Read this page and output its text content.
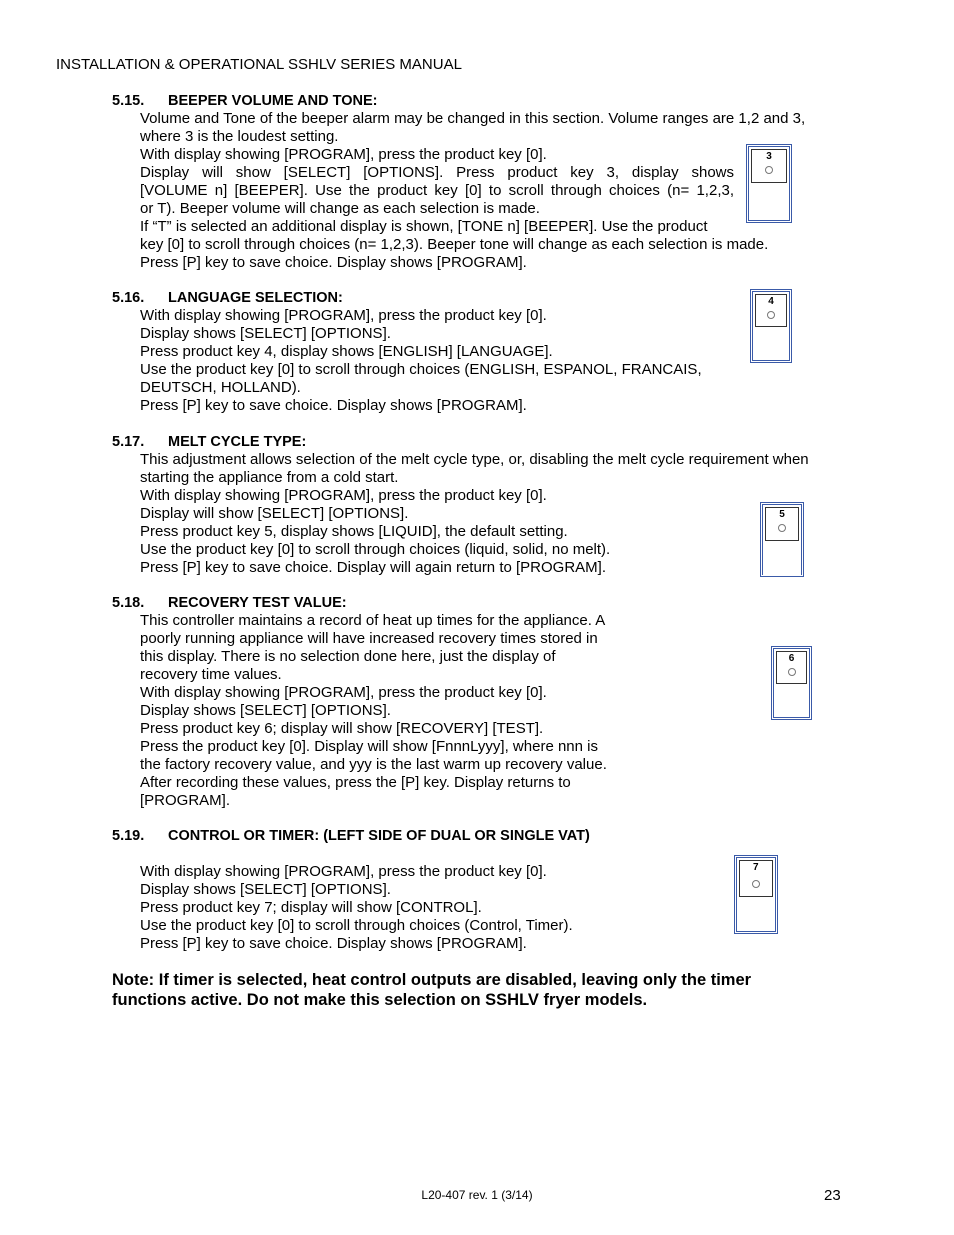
INSTALLATION & OPERATIONAL SSHLV SERIES MANUAL
5.15. BEEPER VOLUME AND TONE:
Volume and Tone of the beeper alarm may be changed in this section. Volume ranges are 1,2 and 3,
where 3 is the loudest setting.
With display showing [PROGRAM], press the product key [0].
Display will show [SELECT] [OPTIONS]. Press product key 3, display shows
[VOLUME n] [BEEPER]. Use the product key [0] to scroll through choices (n= 1,2,3,
or T). Beeper volume will change as each selection is made.
If “T” is selected an additional display is shown, [TONE n] [BEEPER]. Use the product
key [0] to scroll through choices (n= 1,2,3). Beeper tone will change as each selection is made.
Press [P] key to save choice. Display shows [PROGRAM].
3
5.16. LANGUAGE SELECTION:
With display showing [PROGRAM], press the product key [0].
Display shows [SELECT] [OPTIONS].
Press product key 4, display shows [ENGLISH] [LANGUAGE].
Use the product key [0] to scroll through choices (ENGLISH, ESPANOL, FRANCAIS,
DEUTSCH, HOLLAND).
Press [P] key to save choice. Display shows [PROGRAM].
4
5.17. MELT CYCLE TYPE:
This adjustment allows selection of the melt cycle type, or, disabling the melt cycle requirement when
starting the appliance from a cold start.
With display showing [PROGRAM], press the product key [0].
Display will show [SELECT] [OPTIONS].
Press product key 5, display shows [LIQUID], the default setting.
Use the product key [0] to scroll through choices (liquid, solid, no melt).
Press [P] key to save choice. Display will again return to [PROGRAM].
5
5.18. RECOVERY TEST VALUE:
This controller maintains a record of heat up times for the appliance. A
poorly running appliance will have increased recovery times stored in
this display. There is no selection done here, just the display of
recovery time values.
With display showing [PROGRAM], press the product key [0].
Display shows [SELECT] [OPTIONS].
Press product key 6; display will show [RECOVERY] [TEST].
Press the product key [0]. Display will show [FnnnLyyy], where nnn is
the factory recovery value, and yyy is the last warm up recovery value.
After recording these values, press the [P] key. Display returns to
[PROGRAM].
6
5.19. CONTROL OR TIMER: (LEFT SIDE OF DUAL OR SINGLE VAT)
With display showing [PROGRAM], press the product key [0].
Display shows [SELECT] [OPTIONS].
Press product key 7; display will show [CONTROL].
Use the product key [0] to scroll through choices (Control, Timer).
Press [P] key to save choice. Display shows [PROGRAM].
7
Note: If timer is selected, heat control outputs are disabled, leaving only the timer functions active. Do not make this selection on SSHLV fryer models.
L20-407 rev. 1 (3/14)	23
